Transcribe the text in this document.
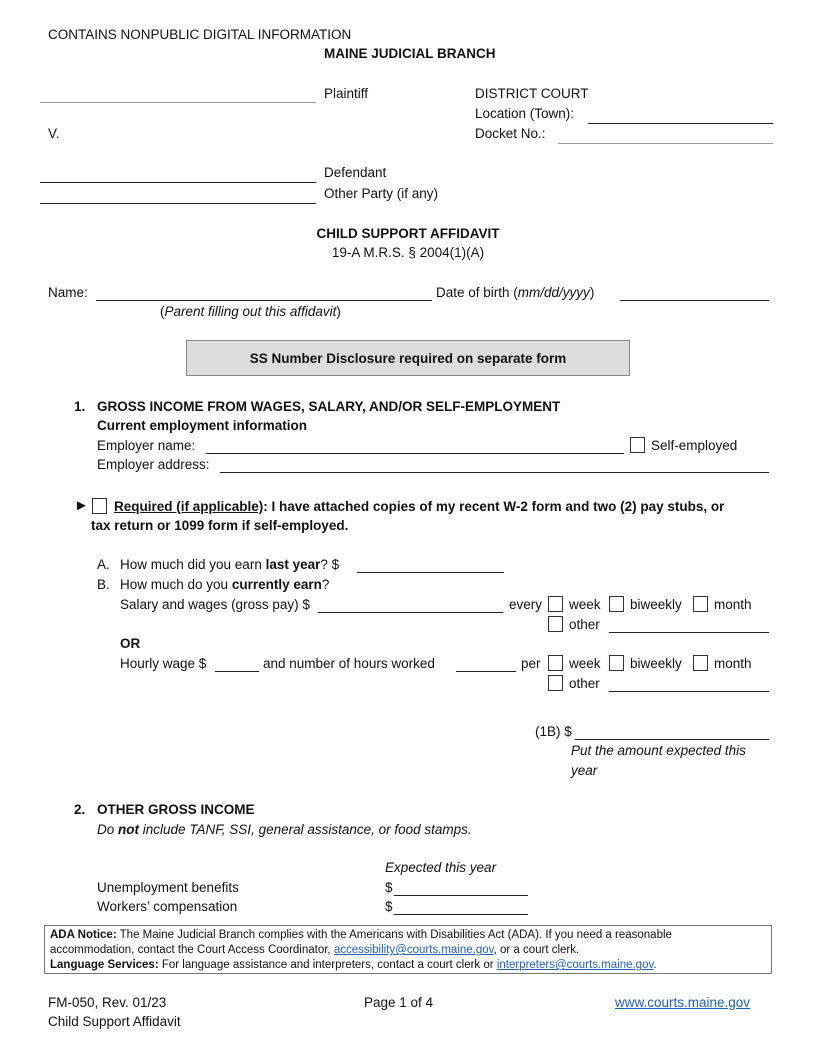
CONTAINS NONPUBLIC DIGITAL INFORMATION
MAINE JUDICIAL BRANCH
Plaintiff	DISTRICT COURT
Location (Town):
V.	Docket No.:
Defendant
Other Party (if any)
CHILD SUPPORT AFFIDAVIT
19-A M.R.S. § 2004(1)(A)
Name:	Date of birth (mm/dd/yyyy)
(Parent filling out this affidavit)
SS Number Disclosure required on separate form
1. GROSS INCOME FROM WAGES, SALARY, AND/OR SELF-EMPLOYMENT
Current employment information
Employer name:	Self-employed
Employer address:
► Required (if applicable): I have attached copies of my recent W-2 form and two (2) pay stubs, or
tax return or 1099 form if self-employed.
A. How much did you earn last year? $
B. How much do you currently earn?
Salary and wages (gross pay) $	every week biweekly month
other
OR
Hourly wage $	and number of hours worked	per week biweekly month
other
(1B) $
Put the amount expected this
year
2. OTHER GROSS INCOME
Do not include TANF, SSI, general assistance, or food stamps.
Expected this year
Unemployment benefits	$
Workers’ compensation	$
ADA Notice: The Maine Judicial Branch complies with the Americans with Disabilities Act (ADA). If you need a reasonable
accommodation, contact the Court Access Coordinator, accessibility@courts.maine.gov, or a court clerk.
Language Services: For language assistance and interpreters, contact a court clerk or interpreters@courts.maine.gov.
FM-050, Rev. 01/23
Child Support Affidavit
Page 1 of 4	www.courts.maine.gov
